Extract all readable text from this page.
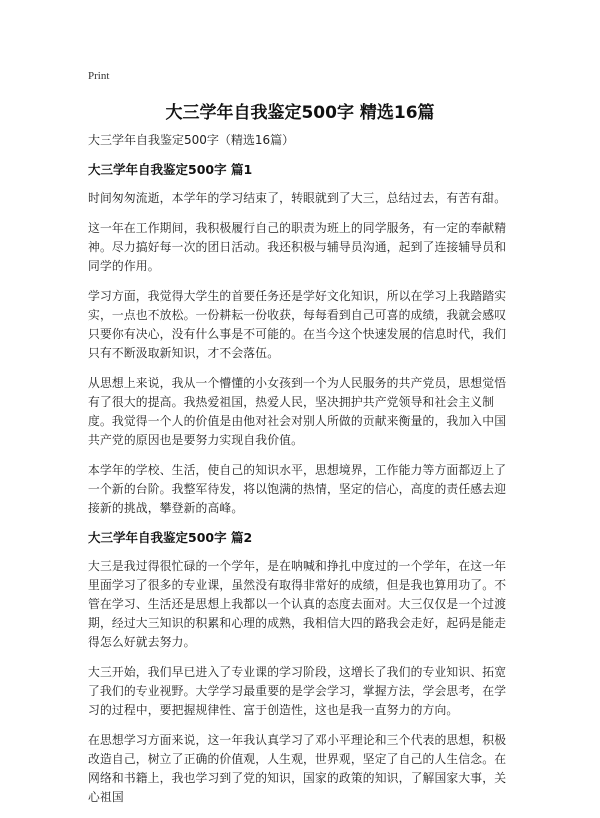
Print
大三学年自我鉴定500字 精选16篇
大三学年自我鉴定500字（精选16篇）
大三学年自我鉴定500字 篇1

时间匆匆流逝，本学年的学习结束了，转眼就到了大三，总结过去，有苦有甜。

这一年在工作期间，我积极履行自己的职责为班上的同学服务，有一定的奉献精神。尽力搞好每一次的团日活动。我还积极与辅导员沟通，起到了连接辅导员和同学的作用。

学习方面，我觉得大学生的首要任务还是学好文化知识，所以在学习上我踏踏实实，一点也不放松。一份耕耘一份收获，每每看到自己可喜的成绩，我就会感叹只要你有决心，没有什么事是不可能的。在当今这个快速发展的信息时代，我们只有不断汲取新知识，才不会落伍。

从思想上来说，我从一个懵懂的小女孩到一个为人民服务的共产党员，思想觉悟有了很大的提高。我热爱祖国，热爱人民，坚决拥护共产党领导和社会主义制度。我觉得一个人的价值是由他对社会对别人所做的贡献来衡量的，我加入中国共产党的原因也是要努力实现自我价值。

本学年的学校、生活，使自己的知识水平，思想境界，工作能力等方面都迈上了一个新的台阶。我整军待发，将以饱满的热情，坚定的信心，高度的责任感去迎接新的挑战，攀登新的高峰。

大三学年自我鉴定500字 篇2

大三是我过得很忙碌的一个学年，是在呐喊和挣扎中度过的一个学年，在这一年里面学习了很多的专业课，虽然没有取得非常好的成绩，但是我也算用功了。不管在学习、生活还是思想上我都以一个认真的态度去面对。大三仅仅是一个过渡期，经过大三知识的积累和心理的成熟，我相信大四的路我会走好，起码是能走得怎么好就去努力。

大三开始，我们早已进入了专业课的学习阶段，这增长了我们的专业知识、拓宽了我们的专业视野。大学学习最重要的是学会学习，掌握方法，学会思考，在学习的过程中，要把握规律性、富于创造性，这也是我一直努力的方向。

在思想学习方面来说，这一年我认真学习了邓小平理论和三个代表的思想，积极改造自己，树立了正确的价值观，人生观，世界观，坚定了自己的人生信念。在网络和书籍上，我也学习到了党的知识，国家的政策的知识，了解国家大事，关心祖国
